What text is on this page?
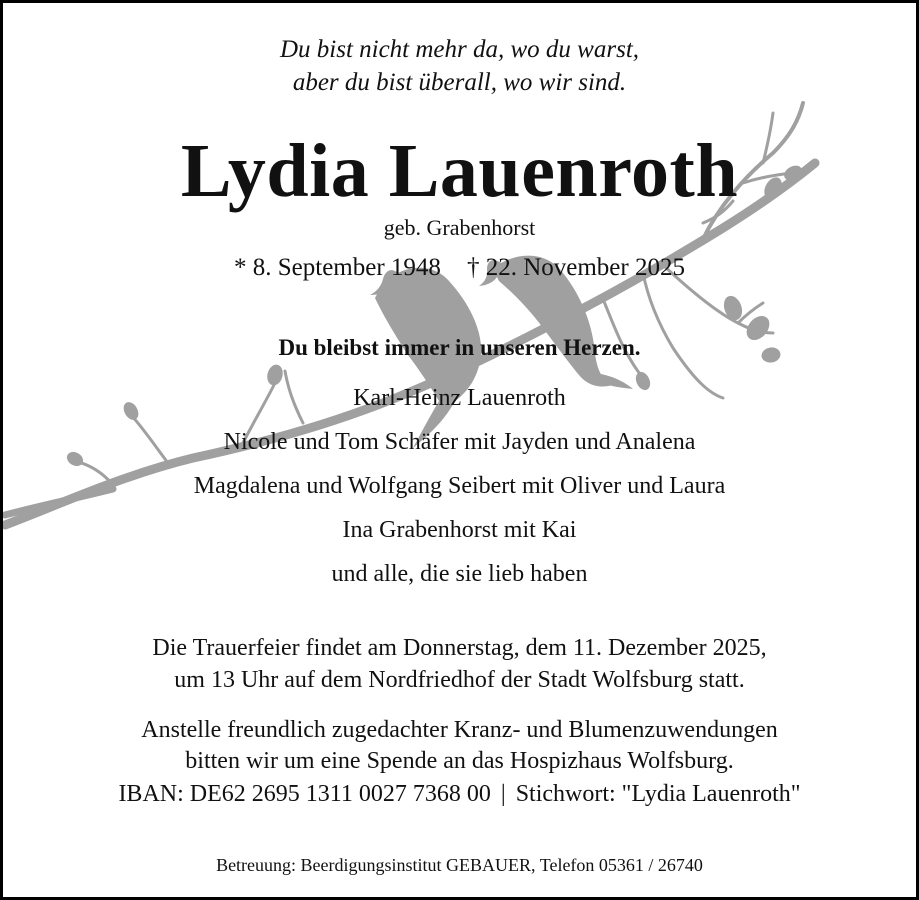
Du bist nicht mehr da, wo du warst,
aber du bist überall, wo wir sind.
Lydia Lauenroth
geb. Grabenhorst
* 8. September 1948 † 22. November 2025
Du bleibst immer in unseren Herzen.
Karl-Heinz Lauenroth
Nicole und Tom Schäfer mit Jayden und Analena
Magdalena und Wolfgang Seibert mit Oliver und Laura
Ina Grabenhorst mit Kai
und alle, die sie lieb haben
Die Trauerfeier findet am Donnerstag, dem 11. Dezember 2025,
um 13 Uhr auf dem Nordfriedhof der Stadt Wolfsburg statt.
Anstelle freundlich zugedachter Kranz- und Blumenzuwendungen
bitten wir um eine Spende an das Hospizhaus Wolfsburg.
IBAN: DE62 2695 1311 0027 7368 00 | Stichwort: "Lydia Lauenroth"
Betreuung: Beerdigungsinstitut GEBAUER, Telefon 05361 / 26740
